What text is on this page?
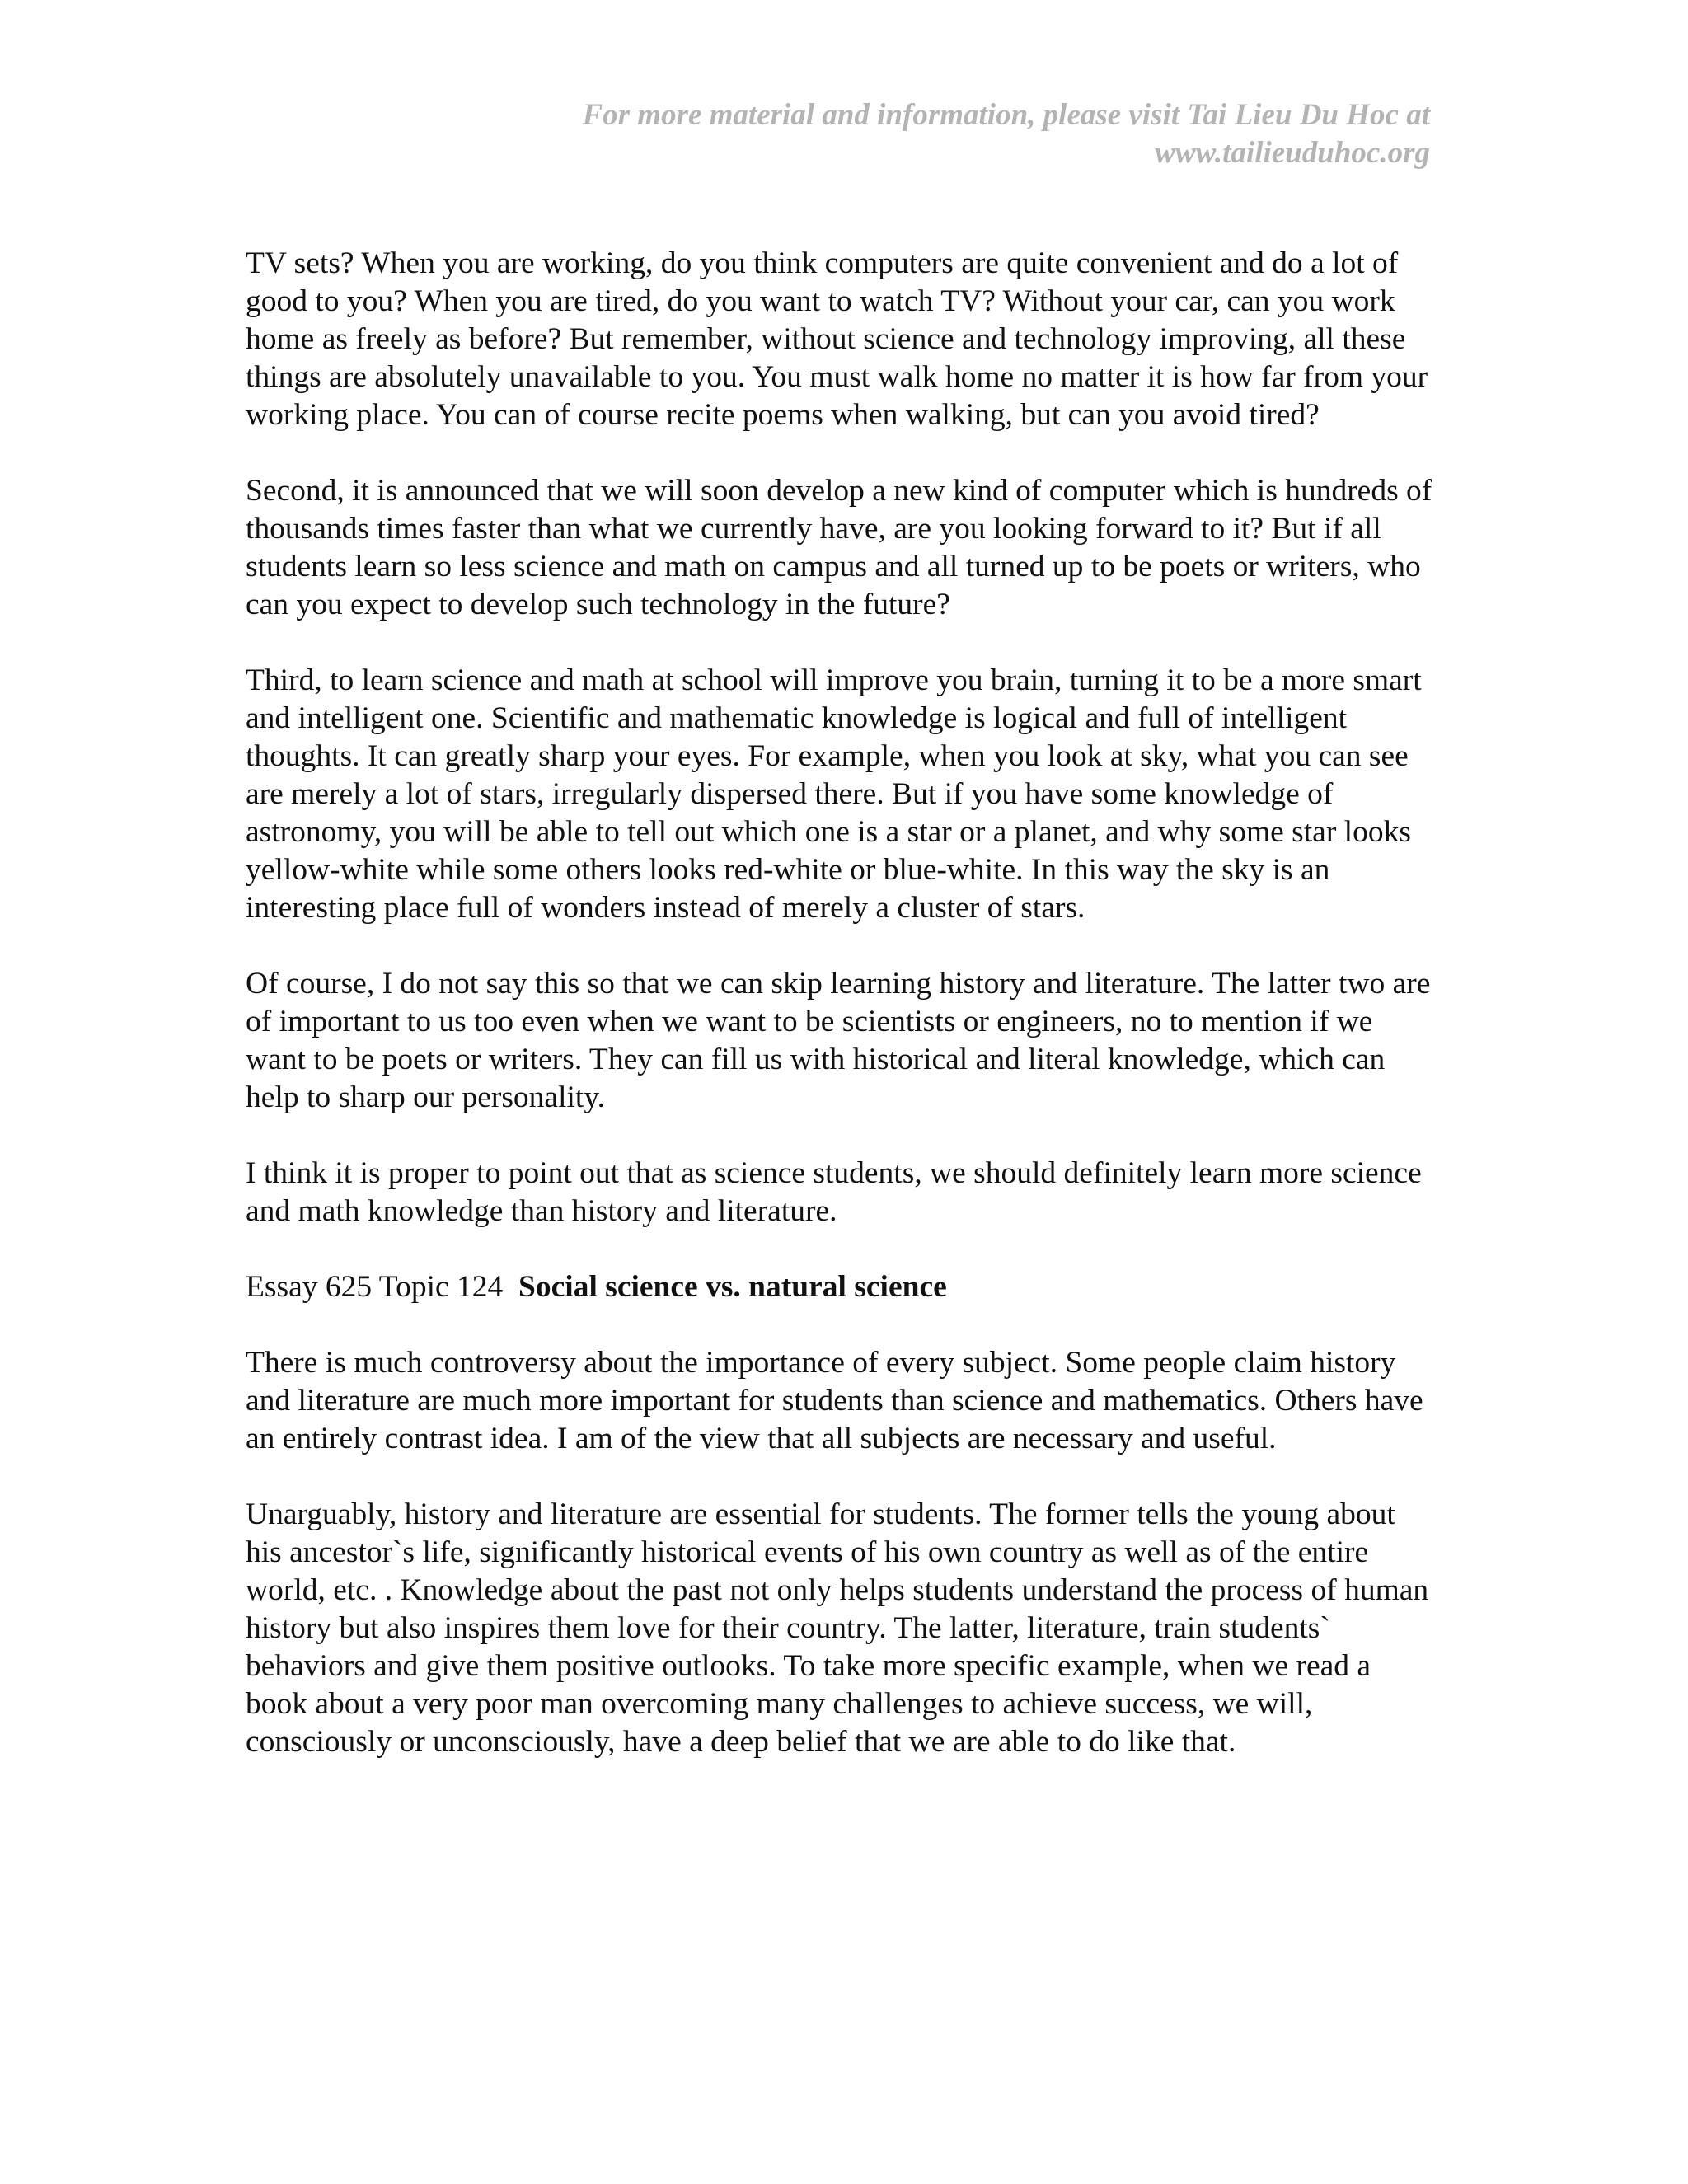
For more material and information, please visit Tai Lieu Du Hoc at
www.tailieuduhoc.org

TV sets? When you are working, do you think computers are quite convenient and do a lot of good to you? When you are tired, do you want to watch TV? Without your car, can you work home as freely as before? But remember, without science and technology improving, all these things are absolutely unavailable to you. You must walk home no matter it is how far from your working place. You can of course recite poems when walking, but can you avoid tired?

Second, it is announced that we will soon develop a new kind of computer which is hundreds of thousands times faster than what we currently have, are you looking forward to it? But if all students learn so less science and math on campus and all turned up to be poets or writers, who can you expect to develop such technology in the future?

Third, to learn science and math at school will improve you brain, turning it to be a more smart and intelligent one. Scientific and mathematic knowledge is logical and full of intelligent thoughts. It can greatly sharp your eyes. For example, when you look at sky, what you can see are merely a lot of stars, irregularly dispersed there. But if you have some knowledge of astronomy, you will be able to tell out which one is a star or a planet, and why some star looks yellow-white while some others looks red-white or blue-white. In this way the sky is an interesting place full of wonders instead of merely a cluster of stars.

Of course, I do not say this so that we can skip learning history and literature. The latter two are of important to us too even when we want to be scientists or engineers, no to mention if we want to be poets or writers. They can fill us with historical and literal knowledge, which can help to sharp our personality.

I think it is proper to point out that as science students, we should definitely learn more science and math knowledge than history and literature.

Essay 625 Topic 124  Social science vs. natural science

There is much controversy about the importance of every subject. Some people claim history and literature are much more important for students than science and mathematics. Others have an entirely contrast idea. I am of the view that all subjects are necessary and useful.

Unarguably, history and literature are essential for students. The former tells the young about his ancestor`s life, significantly historical events of his own country as well as of the entire world, etc. . Knowledge about the past not only helps students understand the process of human history but also inspires them love for their country. The latter, literature, train students` behaviors and give them positive outlooks. To take more specific example, when we read a book about a very poor man overcoming many challenges to achieve success, we will, consciously or unconsciously, have a deep belief that we are able to do like that.
